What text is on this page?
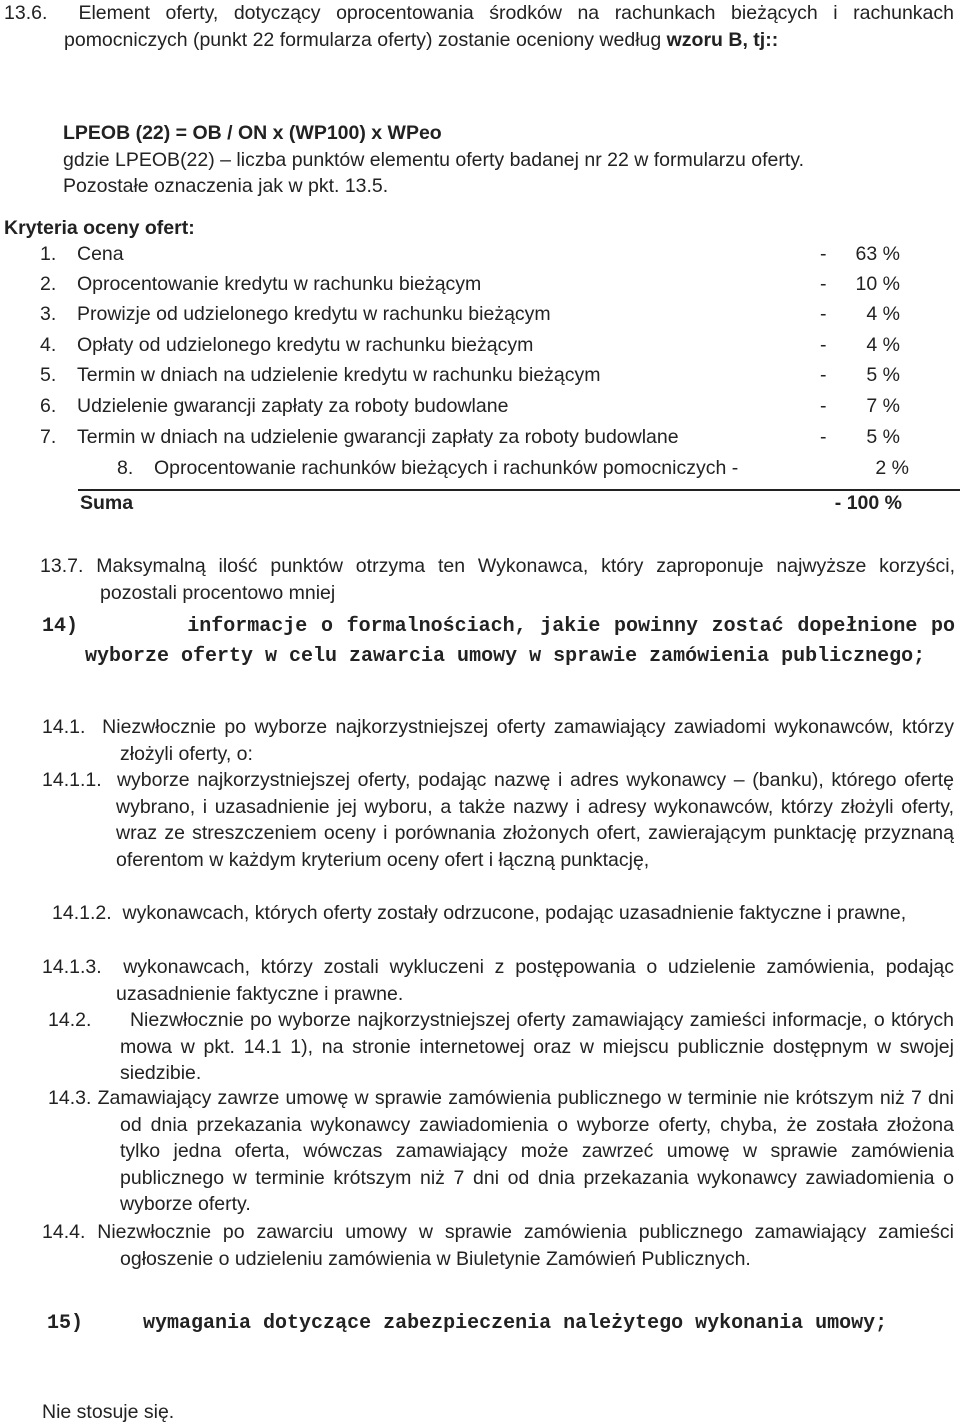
13.6. Element oferty, dotyczący oprocentowania środków na rachunkach bieżących i rachunkach pomocniczych (punkt 22 formularza oferty) zostanie oceniony według wzoru B, tj::
LPEOB (22) = OB / ON x (WP100) x WPeo
gdzie LPEOB(22) – liczba punktów elementu oferty badanej nr 22 w formularzu oferty.
Pozostałe oznaczenia jak w pkt. 13.5.
Kryteria oceny ofert:
1. Cena	- 63 %
2. Oprocentowanie kredytu w rachunku bieżącym	- 10 %
3. Prowizje od udzielonego kredytu w rachunku bieżącym	- 4 %
4. Opłaty od udzielonego kredytu w rachunku bieżącym	- 4 %
5. Termin w dniach na udzielenie kredytu w rachunku bieżącym	- 5 %
6. Udzielenie gwarancji zapłaty za roboty budowlane	- 7 %
7. Termin w dniach na udzielenie gwarancji zapłaty za roboty budowlane	- 5 %
8. Oprocentowanie rachunków bieżących i rachunków pomocniczych -	2 %
Suma	- 100 %
13.7. Maksymalną ilość punktów otrzyma ten Wykonawca, który zaproponuje najwyższe korzyści, pozostali procentowo mniej
14)	informacje o formalnościach, jakie powinny zostać dopełnione po wyborze oferty w celu zawarcia umowy w sprawie zamówienia publicznego;
14.1. Niezwłocznie po wyborze najkorzystniejszej oferty zamawiający zawiadomi wykonawców, którzy złożyli oferty, o:
14.1.1. wyborze najkorzystniejszej oferty, podając nazwę i adres wykonawcy – (banku), którego ofertę wybrano, i uzasadnienie jej wyboru, a także nazwy i adresy wykonawców, którzy złożyli oferty, wraz ze streszczeniem oceny i porównania złożonych ofert, zawierającym punktację przyznaną oferentom w każdym kryterium oceny ofert i łączną punktację,
14.1.2. wykonawcach, których oferty zostały odrzucone, podając uzasadnienie faktyczne i prawne,
14.1.3. wykonawcach, którzy zostali wykluczeni z postępowania o udzielenie zamówienia, podając uzasadnienie faktyczne i prawne.
14.2. Niezwłocznie po wyborze najkorzystniejszej oferty zamawiający zamieści informacje, o których mowa w pkt. 14.1 1), na stronie internetowej oraz w miejscu publicznie dostępnym w swojej siedzibie.
14.3. Zamawiający zawrze umowę w sprawie zamówienia publicznego w terminie nie krótszym niż 7 dni od dnia przekazania wykonawcy zawiadomienia o wyborze oferty, chyba, że została złożona tylko jedna oferta, wówczas zamawiający może zawrzeć umowę w sprawie zamówienia publicznego w terminie krótszym niż 7 dni od dnia przekazania wykonawcy zawiadomienia o wyborze oferty.
14.4. Niezwłocznie po zawarciu umowy w sprawie zamówienia publicznego zamawiający zamieści ogłoszenie o udzieleniu zamówienia w Biuletynie Zamówień Publicznych.
15)	wymagania dotyczące zabezpieczenia należytego wykonania umowy;
Nie stosuje się.
